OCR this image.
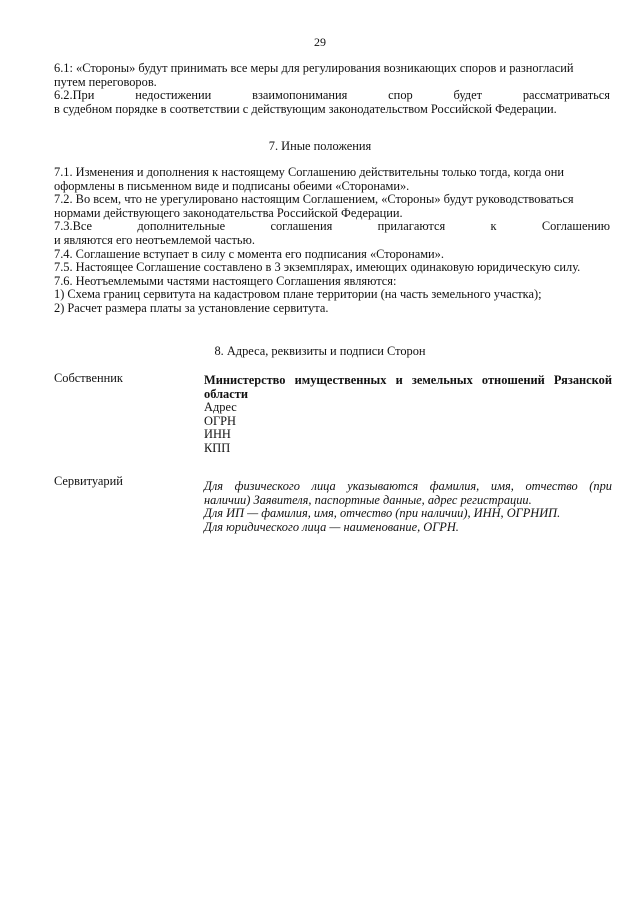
29

6.1: «Стороны» будут принимать все меры для регулирования возникающих споров и разногласий

путем переговоров.

6.2.При недостижении взаимопонимания спор будет рассматриваться

в судебном порядке в соответствии с действующим законодательством Российской Федерации.

7. Иные положения

7.1. Изменения и дополнения к настоящему Соглашению действительны только тогда, когда они

оформлены в письменном виде и подписаны обеими «Сторонами».

7.2. Во всем, что не урегулировано настоящим Соглашением, «Стороны» будут руководствоваться

нормами действующего законодательства Российской Федерации.

7.3.Все дополнительные соглашения прилагаются к Соглашению

и являются его неотъемлемой частью.

7.4. Соглашение вступает в силу с момента его подписания «Сторонами».

7.5. Настоящее Соглашение составлено в 3 экземплярах, имеющих одинаковую юридическую силу.

7.6. Неотъемлемыми частями настоящего Соглашения являются:

1) Схема границ сервитута на кадастровом плане территории (на часть земельного участка);

2) Расчет размера платы за установление сервитута.

8. Адреса, реквизиты и подписи Сторон
Собственник	Министерство имущественных и земельных отношений Рязанской

области

Адрес

ОГРН

ИНН

КПП

Сервитуарий	Для физического лица указываются фамилия, имя, отчество (при

наличии) Заявителя, паспортные данные, адрес регистрации.

Для ИП — фамилия, имя, отчество (при наличии), ИНН, ОГРНИП.

Для юридического лица — наименование, ОГРН.
